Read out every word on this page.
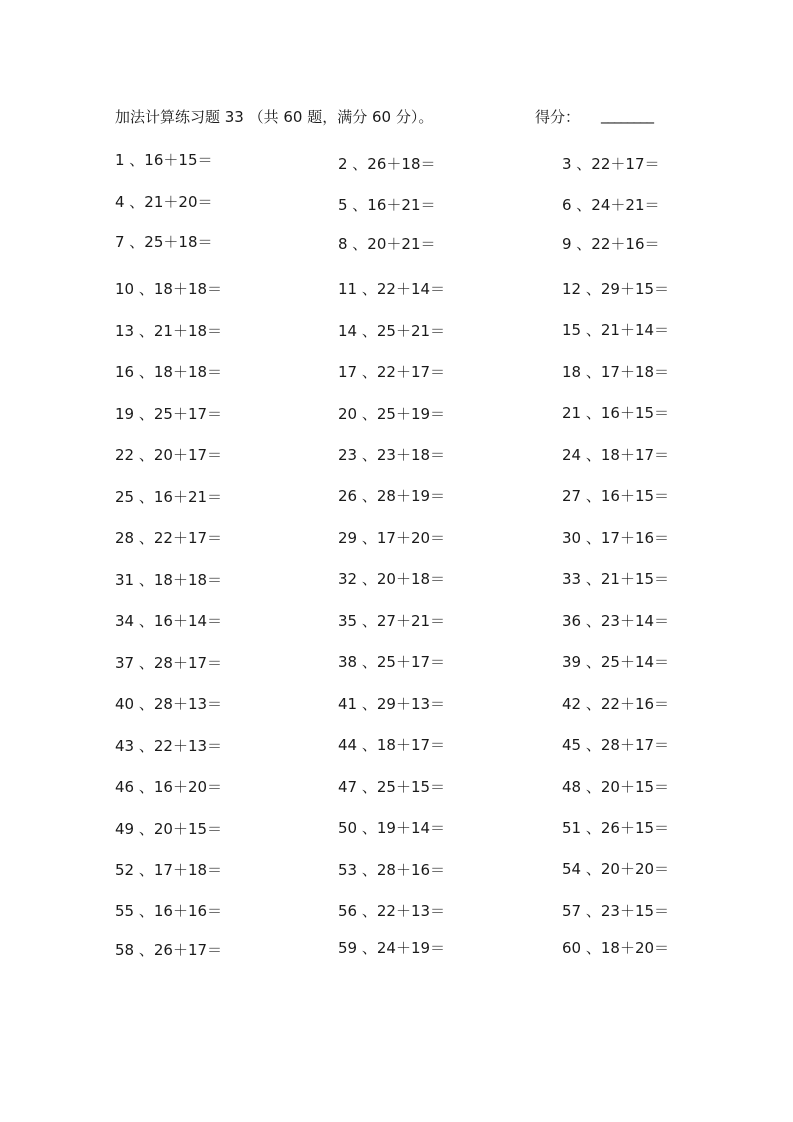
加法计算练习题 33 （共 60 题，满分 60 分）。	得分： ________
1 、16＋15＝	2 、26＋18＝	3 、22＋17＝
4 、21＋20＝	5 、16＋21＝	6 、24＋21＝
7 、25＋18＝	8 、20＋21＝	9 、22＋16＝
10 、18＋18＝	11 、22＋14＝	12 、29＋15＝
13 、21＋18＝	14 、25＋21＝	15 、21＋14＝
16 、18＋18＝	17 、22＋17＝	18 、17＋18＝
19 、25＋17＝	20 、25＋19＝	21 、16＋15＝
22 、20＋17＝	23 、23＋18＝	24 、18＋17＝
25 、16＋21＝	26 、28＋19＝	27 、16＋15＝
28 、22＋17＝	29 、17＋20＝	30 、17＋16＝
31 、18＋18＝	32 、20＋18＝	33 、21＋15＝
34 、16＋14＝	35 、27＋21＝	36 、23＋14＝
37 、28＋17＝	38 、25＋17＝	39 、25＋14＝
40 、28＋13＝	41 、29＋13＝	42 、22＋16＝
43 、22＋13＝	44 、18＋17＝	45 、28＋17＝
46 、16＋20＝	47 、25＋15＝	48 、20＋15＝
49 、20＋15＝	50 、19＋14＝	51 、26＋15＝
52 、17＋18＝	53 、28＋16＝	54 、20＋20＝
55 、16＋16＝	56 、22＋13＝	57 、23＋15＝
58 、26＋17＝	59 、24＋19＝	60 、18＋20＝
